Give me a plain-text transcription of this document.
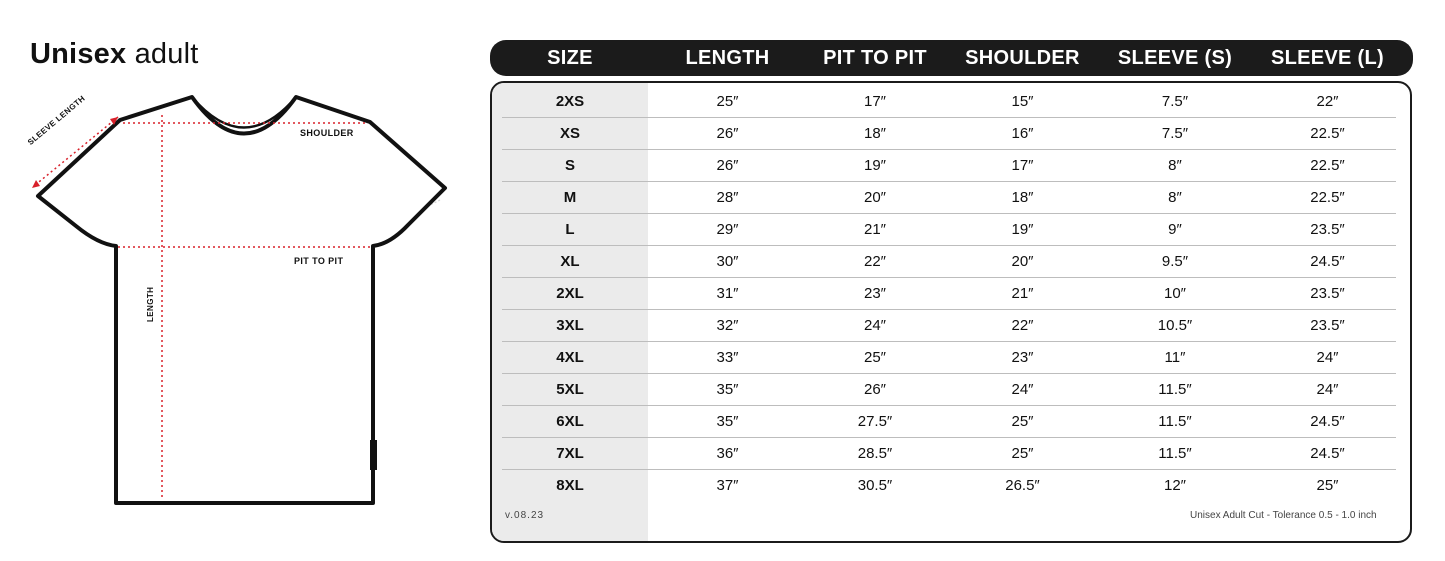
Unisex adult
SLEEVE LENGTH	SHOULDER
PIT TO PIT
LENGTH
SIZE	LENGTH	PIT TO PIT	SHOULDER	SLEEVE (S)	SLEEVE (L)
2XS	25″	17″	15″	7.5″	22″
XS	26″	18″	16″	7.5″	22.5″
S	26″	19″	17″	8″	22.5″
M	28″	20″	18″	8″	22.5″
L	29″	21″	19″	9″	23.5″
XL	30″	22″	20″	9.5″	24.5″
2XL	31″	23″	21″	10″	23.5″
3XL	32″	24″	22″	10.5″	23.5″
4XL	33″	25″	23″	11″	24″
5XL	35″	26″	24″	11.5″	24″
6XL	35″	27.5″	25″	11.5″	24.5″
7XL	36″	28.5″	25″	11.5″	24.5″
8XL	37″	30.5″	26.5″	12″	25″
v.08.23	Unisex Adult Cut - Tolerance 0.5 - 1.0 inch
